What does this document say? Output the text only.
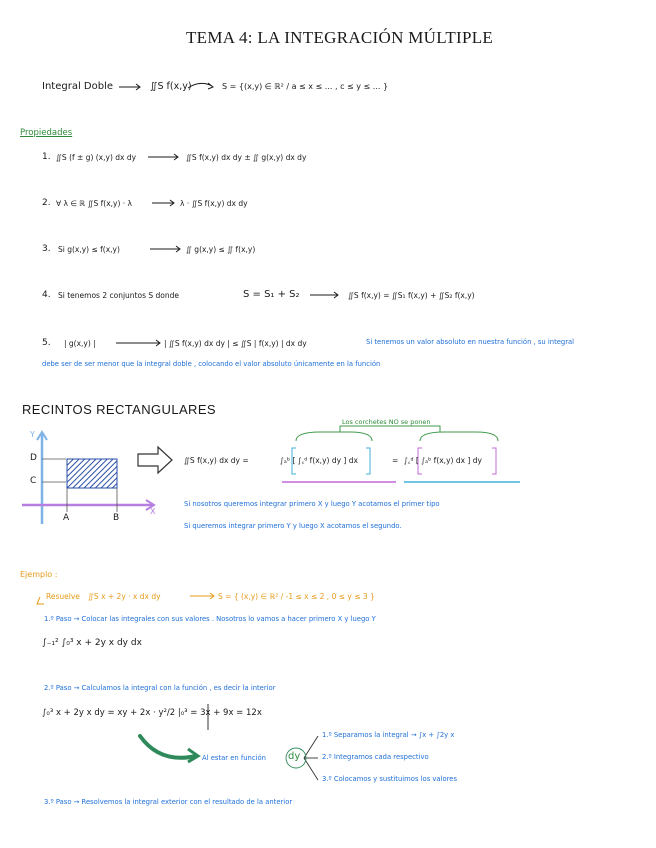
TEMA 4: LA INTEGRACIÓN MÚLTIPLE
Integral Doble	∬S f(x,y)	S = {(x,y) ∈ ℝ² / a ≤ x ≤ ... , c ≤ y ≤ ... }
Propiedades
1. ∬S (f ± g) (x,y) dx dy	∬S f(x,y) dx dy ± ∬ g(x,y) dx dy
2. ∀ λ ∈ ℝ ∬S f(x,y) · λ	λ · ∬S f(x,y) dx dy
3. Si g(x,y) ≤ f(x,y)	∬ g(x,y) ≤ ∬ f(x,y)
4. Si tenemos 2 conjuntos S donde	S = S₁ + S₂	∬S f(x,y) = ∬S₁ f(x,y) + ∬S₂ f(x,y)
5. | g(x,y) |	| ∬S f(x,y) dx dy | ≤ ∬S | f(x,y) | dx dy	Si tenemos un valor absoluto en nuestra función , su integral
debe ser de ser menor que la integral doble , colocando el valor absoluto únicamente en la función
RECINTOS RECTANGULARES
Y
X
D
C
A	B
Los corchetes NO se ponen
∬S f(x,y) dx dy =	∫ₐᵇ [ ∫꜀ᵈ f(x,y) dy ] dx	= ∫꜀ᵈ [ ∫ₐᵇ f(x,y) dx ] dy
Si nosotros queremos integrar primero X y luego Y acotamos el primer tipo
Si queremos integrar primero Y y luego X acotamos el segundo.
Ejemplo :
Resuelve ∬S x + 2y · x dx dy	S = { (x,y) ∈ ℝ² / -1 ≤ x ≤ 2 , 0 ≤ y ≤ 3 }
1.º Paso → Colocar las integrales con sus valores . Nosotros lo vamos a hacer primero X y luego Y
∫₋₁² ∫₀³ x + 2y x dy dx
2.º Paso → Calculamos la integral con la función , es decir la interior
∫₀³ x + 2y x dy = xy + 2x · y²/2 |₀³ = 3x + 9x = 12x
Al estar en función dy
1.º Separamos la integral → ∫x + ∫2y x
2.º Integramos cada respectivo
3.º Colocamos y sustituimos los valores
3.º Paso → Resolvemos la integral exterior con el resultado de la anterior
